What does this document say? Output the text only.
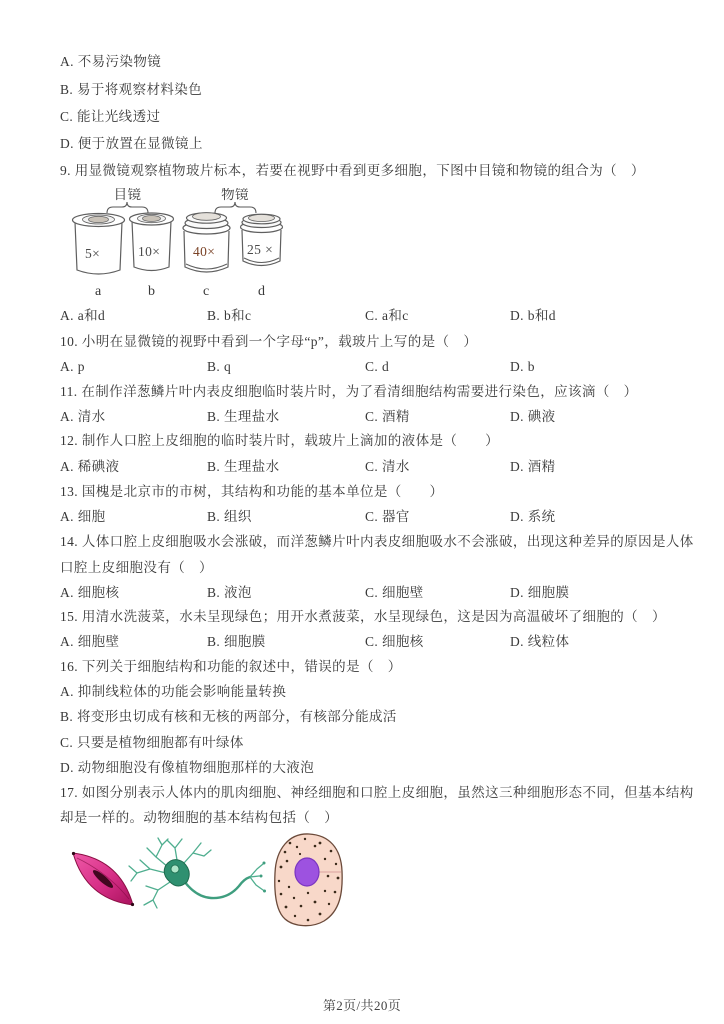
A. 不易污染物镜
B. 易于将观察材料染色
C. 能让光线透过
D. 便于放置在显微镜上
9. 用显微镜观察植物玻片标本，若要在视野中看到更多细胞，下图中目镜和物镜的组合为（　）
目镜	物镜
5×	10× 40× 25 ×
a	b	c	d
A. a和d	B. b和c	C. a和c	D. b和d
10. 小明在显微镜的视野中看到一个字母“p”，载玻片上写的是（　）
A. p	B. q	C. d	D. b
11. 在制作洋葱鳞片叶内表皮细胞临时装片时，为了看清细胞结构需要进行染色，应该滴（　）
A. 清水	B. 生理盐水	C. 酒精	D. 碘液
12. 制作人口腔上皮细胞的临时装片时，载玻片上滴加的液体是（　　）
A. 稀碘液	B. 生理盐水	C. 清水	D. 酒精
13. 国槐是北京市的市树，其结构和功能的基本单位是（　　）
A. 细胞	B. 组织	C. 器官	D. 系统
14. 人体口腔上皮细胞吸水会涨破，而洋葱鳞片叶内表皮细胞吸水不会涨破，出现这种差异的原因是人体
口腔上皮细胞没有（　）
A. 细胞核	B. 液泡	C. 细胞壁	D. 细胞膜
15. 用清水洗菠菜，水未呈现绿色；用开水煮菠菜，水呈现绿色，这是因为高温破坏了细胞的（　）
A. 细胞壁	B. 细胞膜	C. 细胞核	D. 线粒体
16. 下列关于细胞结构和功能的叙述中，错误的是（　）
A. 抑制线粒体的功能会影响能量转换
B. 将变形虫切成有核和无核的两部分，有核部分能成活
C. 只要是植物细胞都有叶绿体
D. 动物细胞没有像植物细胞那样的大液泡
17. 如图分别表示人体内的肌肉细胞、神经细胞和口腔上皮细胞，虽然这三种细胞形态不同，但基本结构
却是一样的。动物细胞的基本结构包括（　）
第2页/共20页
